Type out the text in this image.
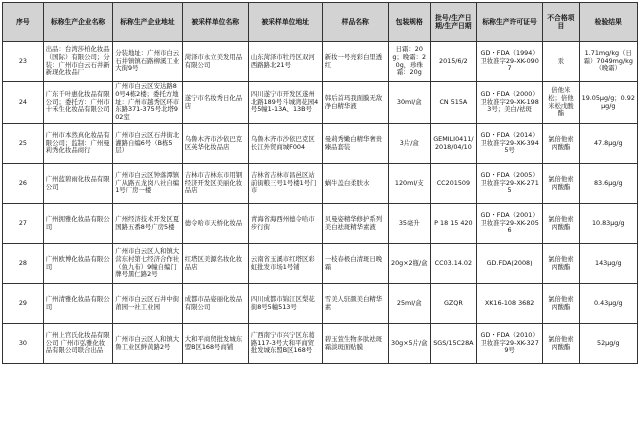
序号	标称生产企业名称	标称生产企业地址	被采样单位名称	被采样单位地址	样品名称	包装规格	批号/生产日期/生产日期	标称生产许可证号	不合格项目	检验结果
23	出品：台湾莎柏化妆品（国际）有限公司；分装：广州市白云石井新新现化妆品厂	分装地址：广州市白云石井镇镇石路柳溪工业大街9号	菏泽市永立美发用品有限公司	山东菏泽市牡丹区双河西路路北21号	新妆一号亮彩白里透红	日霜：20g；晚霜：20g，珍珠霜：20g	2015/6/2	GD・FDA（1994）卫妆准字29-XK-0907	汞	1.71mg/kg（日霜）7049mg/kg（晚霜）
24	广东千叶惠化妆品有限公司；委托方：广州市十禾生化妆品有限公司	广州市白云区安达路80号4栋2楼；委托方地址：广州市越秀区环市东路371-375号北塔902室	遂宁市名妆秀日化品店	四川遂宁市开发区遂州北路189号斗城湾花园4号5幢1-13A、13B号	韩后首玛我面膜无敌净白精华液	30ml/盒	CN 515A	GD・FDA（2000）卫妆准字29-XK-1983号；美白/祛斑	倍他米松；倍他米松戊酸酯	19.05μg/g；0.92μg/g
25	广州市本然真化妆品有限公司；监制：广州曼莉秀化妆品商行	广州市白云区石井街北灌路自编6号（B栋5层）	乌鲁木齐市沙依巴克区英华化妆品店	乌鲁木齐市沙依巴克区长江外贸商城F004	曼莉秀嫩白精华奢贵臻品套装	3片/盒	GEMILI0411/2018/04/10	GD・FDA（2014）卫妆准字29-XK-3945号	氯倍他索丙酸酯	47.8μg/g
26	广州蓝碧雨化妆品有限公司	广州市白云区钟落潭镇广从路五龙岗八社自编1号厂房一楼	吉林市吉林东市用钢经济开发区美丽化妆品店	吉林省吉林市昌邑区站前街粮三号1号楼1号门市	蜗牛盖白柔肤水	120ml/支	CC201509	GD・FDA（2005）卫妆准字29-XK-2715	氯倍他索丙酸酯	83.6μg/g
27	广州拥雅化妆品有限公司	广州经济技术开发区夏国路五番8号广房5楼	德令哈市天桥化妆品	青海省海西州德令哈市步行街	贝曼姿精华修护系列美白祛斑精华素液	35毫升	P 18 15 420	GD・FDA（2001）卫妆准字29-XK-2056	氯倍他索丙酸酯	10.83μg/g
28	广州欧博化妆品有限公司	广州市白云区人和镇大营东村第七经济合作社（鱼九布）9幢自编门牌号黑仁路2号	红塔区美源名妆化妆品店	云南省玉溪市红塔区彩虹批发市场1号铺	一枝春极白清斑日晚霜	20g×2瓶/盒	CC03.14.02	GD.FDA(2008)	氯倍他索丙酸酯	143μg/g
29	广州清雅化妆品有限公司	广州市白云区石井中街莆园一社工业园	成都市品姿丽化妆品有限公司	四川成都市锦江区梨花街8号5幢513号	雪美人驻颜美白精华素	25ml/盒	GZQR	XK16-108 3682	氯倍他索丙酸酯	0.43μg/g
30	广州上官氏化妆品有限公司 广州市弘雅化妆品有限公司联合出品	广州市白云区人和镇大鲁工业区鲜黄路2号	大和平商贸批发城东盟B区168号商铺	广西南宁市兴宁区东葛路117-3号大和平商贸批发城东盟B区168号	碧玉萱生物多肽祛斑霜淡斑面贴膜	30g×5片/盒	SGS/15C28A	GD・FDA（2010）卫妆准字29-XK-3279号	氯倍他索丙酸酯	52μg/g
